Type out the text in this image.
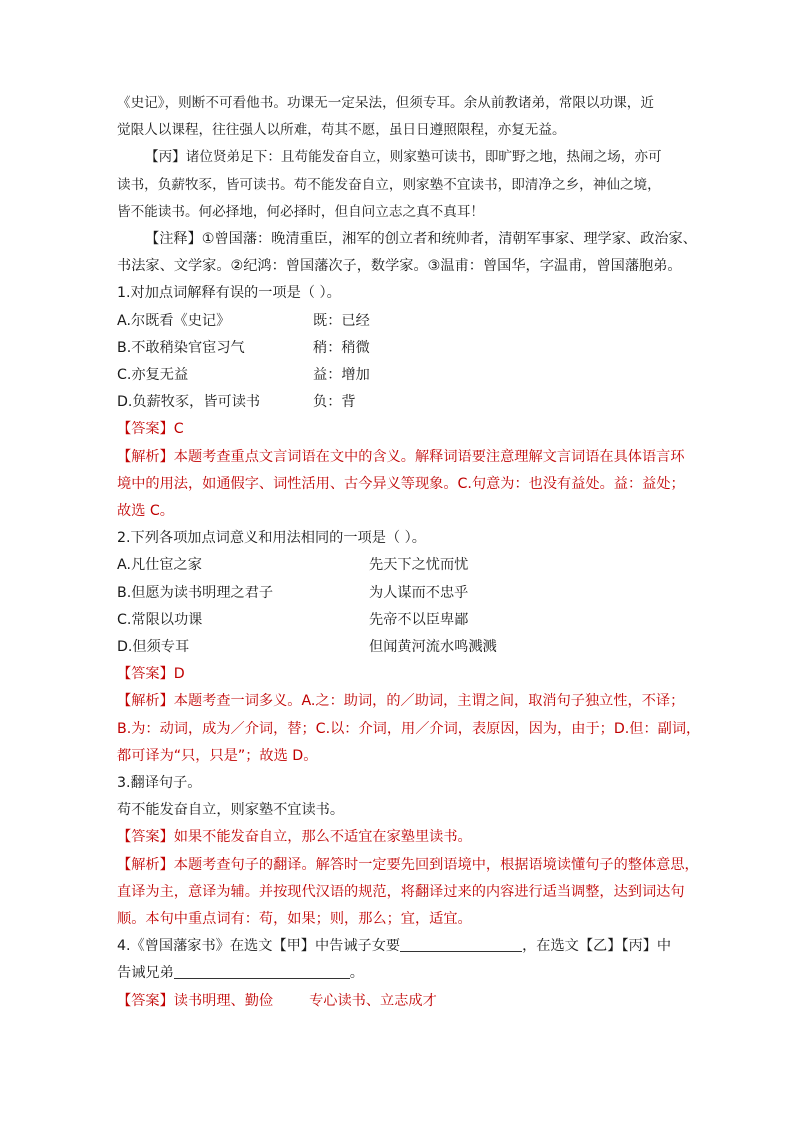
《史记》，则断不可看他书。功课无一定呆法，但须专耳。余从前教诸弟，常限以功课，近
觉限人以课程，往往强人以所难，苟其不愿，虽日日遵照限程，亦复无益。
【丙】诸位贤弟足下：且苟能发奋自立，则家塾可读书，即旷野之地，热闹之场，亦可
读书，负薪牧豕，皆可读书。苟不能发奋自立，则家塾不宜读书，即清净之乡，神仙之境，
皆不能读书。何必择地，何必择时，但自问立志之真不真耳！
【注释】①曾国藩：晚清重臣，湘军的创立者和统帅者，清朝军事家、理学家、政治家、
书法家、文学家。②纪鸿：曾国藩次子，数学家。③温甫：曾国华，字温甫，曾国藩胞弟。
1.对加点词解释有误的一项是（ ）。
A.尔既看《史记》	既：已经
B.不敢稍染官宦习气	稍：稍微
C.亦复无益	益：增加
D.负薪牧豕，皆可读书	负：背
【答案】C
【解析】本题考查重点文言词语在文中的含义。解释词语要注意理解文言词语在具体语言环
境中的用法，如通假字、词性活用、古今异义等现象。C.句意为：也没有益处。益：益处；
故选 C。
2.下列各项加点词意义和用法相同的一项是（ ）。
A.凡仕宦之家	先天下之忧而忧
B.但愿为读书明理之君子	为人谋而不忠乎
C.常限以功课	先帝不以臣卑鄙
D.但须专耳	但闻黄河流水鸣溅溅
【答案】D
【解析】本题考查一词多义。A.之：助词，的／助词，主谓之间，取消句子独立性，不译；
B.为：动词，成为／介词，替；C.以：介词，用／介词，表原因，因为，由于；D.但：副词，
都可译为“只，只是”；故选 D。
3.翻译句子。
苟不能发奋自立，则家塾不宜读书。
【答案】如果不能发奋自立，那么不适宜在家塾里读书。
【解析】本题考查句子的翻译。解答时一定要先回到语境中，根据语境读懂句子的整体意思，
直译为主，意译为辅。并按现代汉语的规范，将翻译过来的内容进行适当调整，达到词达句
顺。本句中重点词有：苟，如果；则，那么；宜，适宜。
4.《曾国藩家书》在选文【甲】中告诫子女要	，在选文【乙】【丙】中
告诫兄弟	。
【答案】读书明理、勤俭	专心读书、立志成才
